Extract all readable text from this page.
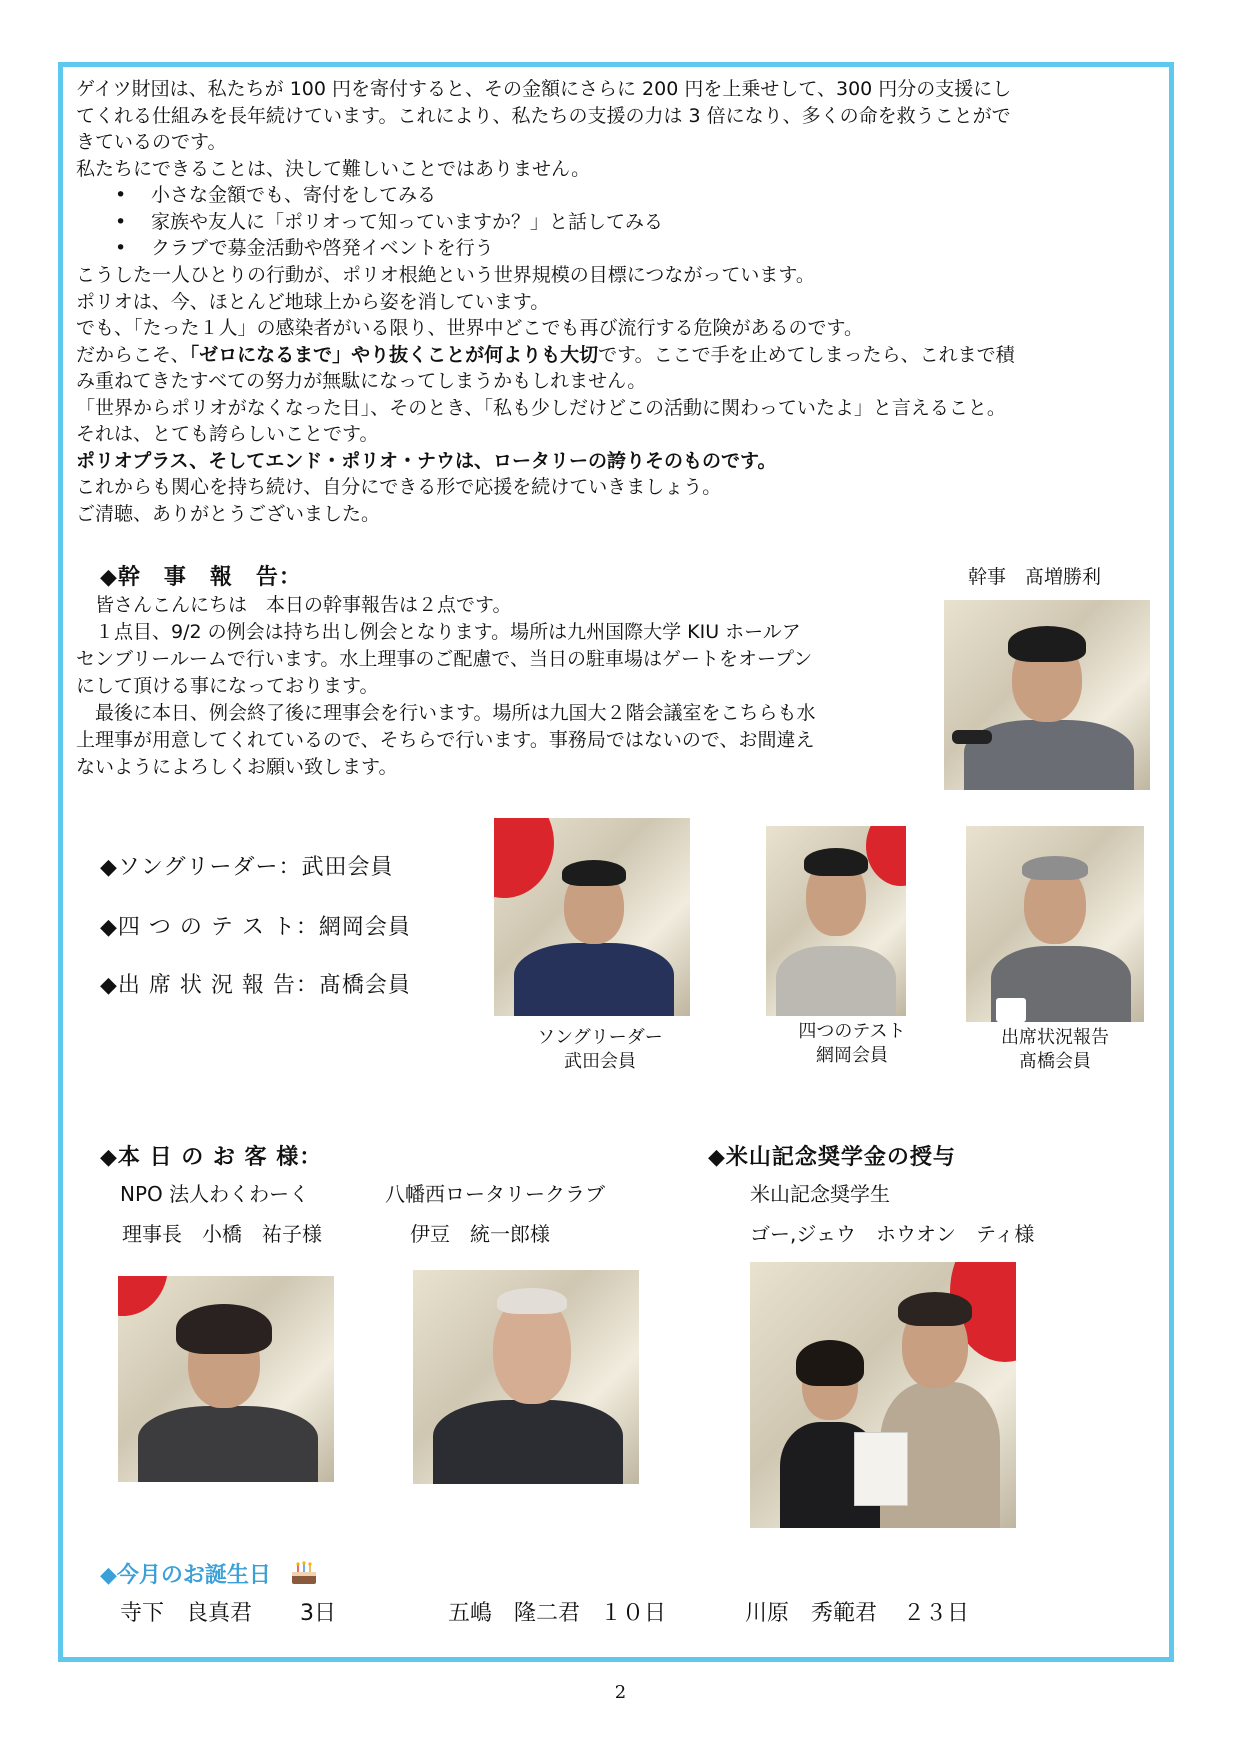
ゲイツ財団は、私たちが 100 円を寄付すると、その金額にさらに 200 円を上乗せして、300 円分の支援にし
てくれる仕組みを長年続けています。これにより、私たちの支援の力は 3 倍になり、多くの命を救うことがで
きているのです。
私たちにできることは、決して難しいことではありません。
• 小さな金額でも、寄付をしてみる
• 家族や友人に「ポリオって知っていますか？」と話してみる
• クラブで募金活動や啓発イベントを行う
こうした一人ひとりの行動が、ポリオ根絶という世界規模の目標につながっています。
ポリオは、今、ほとんど地球上から姿を消しています。
でも、「たった１人」の感染者がいる限り、世界中どこでも再び流行する危険があるのです。
だからこそ、「ゼロになるまで」やり抜くことが何よりも大切です。ここで手を止めてしまったら、これまで積
み重ねてきたすべての努力が無駄になってしまうかもしれません。
「世界からポリオがなくなった日」、そのとき、「私も少しだけどこの活動に関わっていたよ」と言えること。
それは、とても誇らしいことです。
ポリオプラス、そしてエンド・ポリオ・ナウは、ロータリーの誇りそのものです。
これからも関心を持ち続け、自分にできる形で応援を続けていきましょう。
ご清聴、ありがとうございました。
◆幹　事　報　告：	幹事　髙増勝利
　皆さんこんにちは　本日の幹事報告は２点です。
　１点目、9/2 の例会は持ち出し例会となります。場所は九州国際大学 KIU ホールア
センブリールームで行います。水上理事のご配慮で、当日の駐車場はゲートをオープン
にして頂ける事になっております。
　最後に本日、例会終了後に理事会を行います。場所は九国大２階会議室をこちらも水
上理事が用意してくれているので、そちらで行います。事務局ではないので、お間違え
ないようによろしくお願い致します。
◆ソングリーダー：武田会員
◆四 つ の テ ス ト：網岡会員
◆出 席 状 況 報 告：髙橋会員
ソングリーダー
武田会員
四つのテスト
網岡会員
出席状況報告
髙橋会員
◆本 日 の お 客 様：
NPO 法人わくわーく
理事長　小橋　祐子様
八幡西ロータリークラブ
伊豆　統一郎様
◆米山記念奨学金の授与
米山記念奨学生
ゴー,ジェウ　ホウオン　ティ様
◆今月のお誕生日
寺下　良真君 3日	五嶋　隆二君 １０日	川原　秀範君 ２３日
2
